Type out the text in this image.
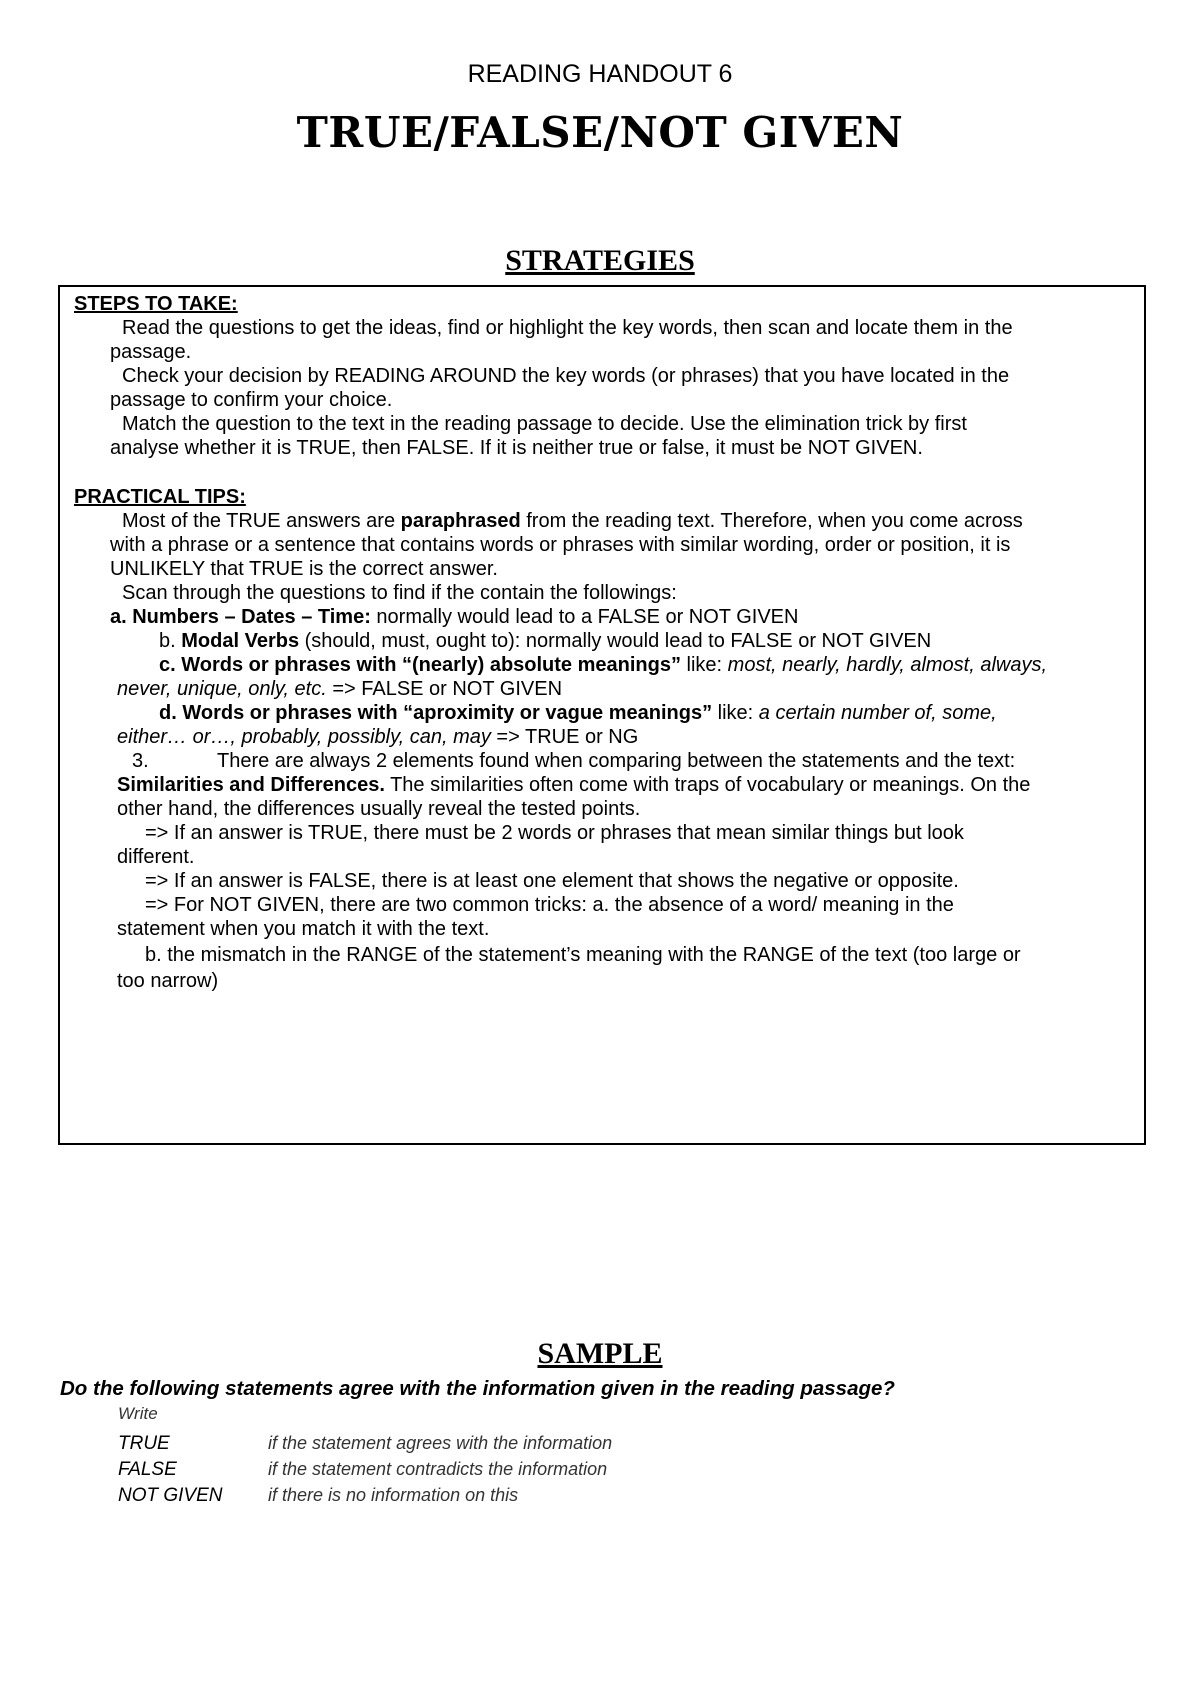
READING HANDOUT 6
TRUE/FALSE/NOT GIVEN
STRATEGIES
STEPS TO TAKE:
Read the questions to get the ideas, find or highlight the key words, then scan and locate them in the
passage.
Check your decision by READING AROUND the key words (or phrases) that you have located in the
passage to confirm your choice.
Match the question to the text in the reading passage to decide. Use the elimination trick by first
analyse whether it is TRUE, then FALSE. If it is neither true or false, it must be NOT GIVEN.
PRACTICAL TIPS:
Most of the TRUE answers are paraphrased from the reading text. Therefore, when you come across
with a phrase or a sentence that contains words or phrases with similar wording, order or position, it is
UNLIKELY that TRUE is the correct answer.
Scan through the questions to find if the contain the followings:
a. Numbers – Dates – Time: normally would lead to a FALSE or NOT GIVEN
b. Modal Verbs (should, must, ought to): normally would lead to FALSE or NOT GIVEN
c. Words or phrases with “(nearly) absolute meanings” like: most, nearly, hardly, almost, always,
never, unique, only, etc. => FALSE or NOT GIVEN
d. Words or phrases with “aproximity or vague meanings” like: a certain number of, some,
either… or…, probably, possibly, can, may => TRUE or NG
3.	There are always 2 elements found when comparing between the statements and the text:
Similarities and Differences. The similarities often come with traps of vocabulary or meanings. On the
other hand, the differences usually reveal the tested points.
=> If an answer is TRUE, there must be 2 words or phrases that mean similar things but look
different.
=> If an answer is FALSE, there is at least one element that shows the negative or opposite.
=> For NOT GIVEN, there are two common tricks: a. the absence of a word/ meaning in the
statement when you match it with the text.
b. the mismatch in the RANGE of the statement’s meaning with the RANGE of the text (too large or
too narrow)
SAMPLE
Do the following statements agree with the information given in the reading passage?
Write
TRUE	if the statement agrees with the information
FALSE	if the statement contradicts the information
NOT GIVEN	if there is no information on this
